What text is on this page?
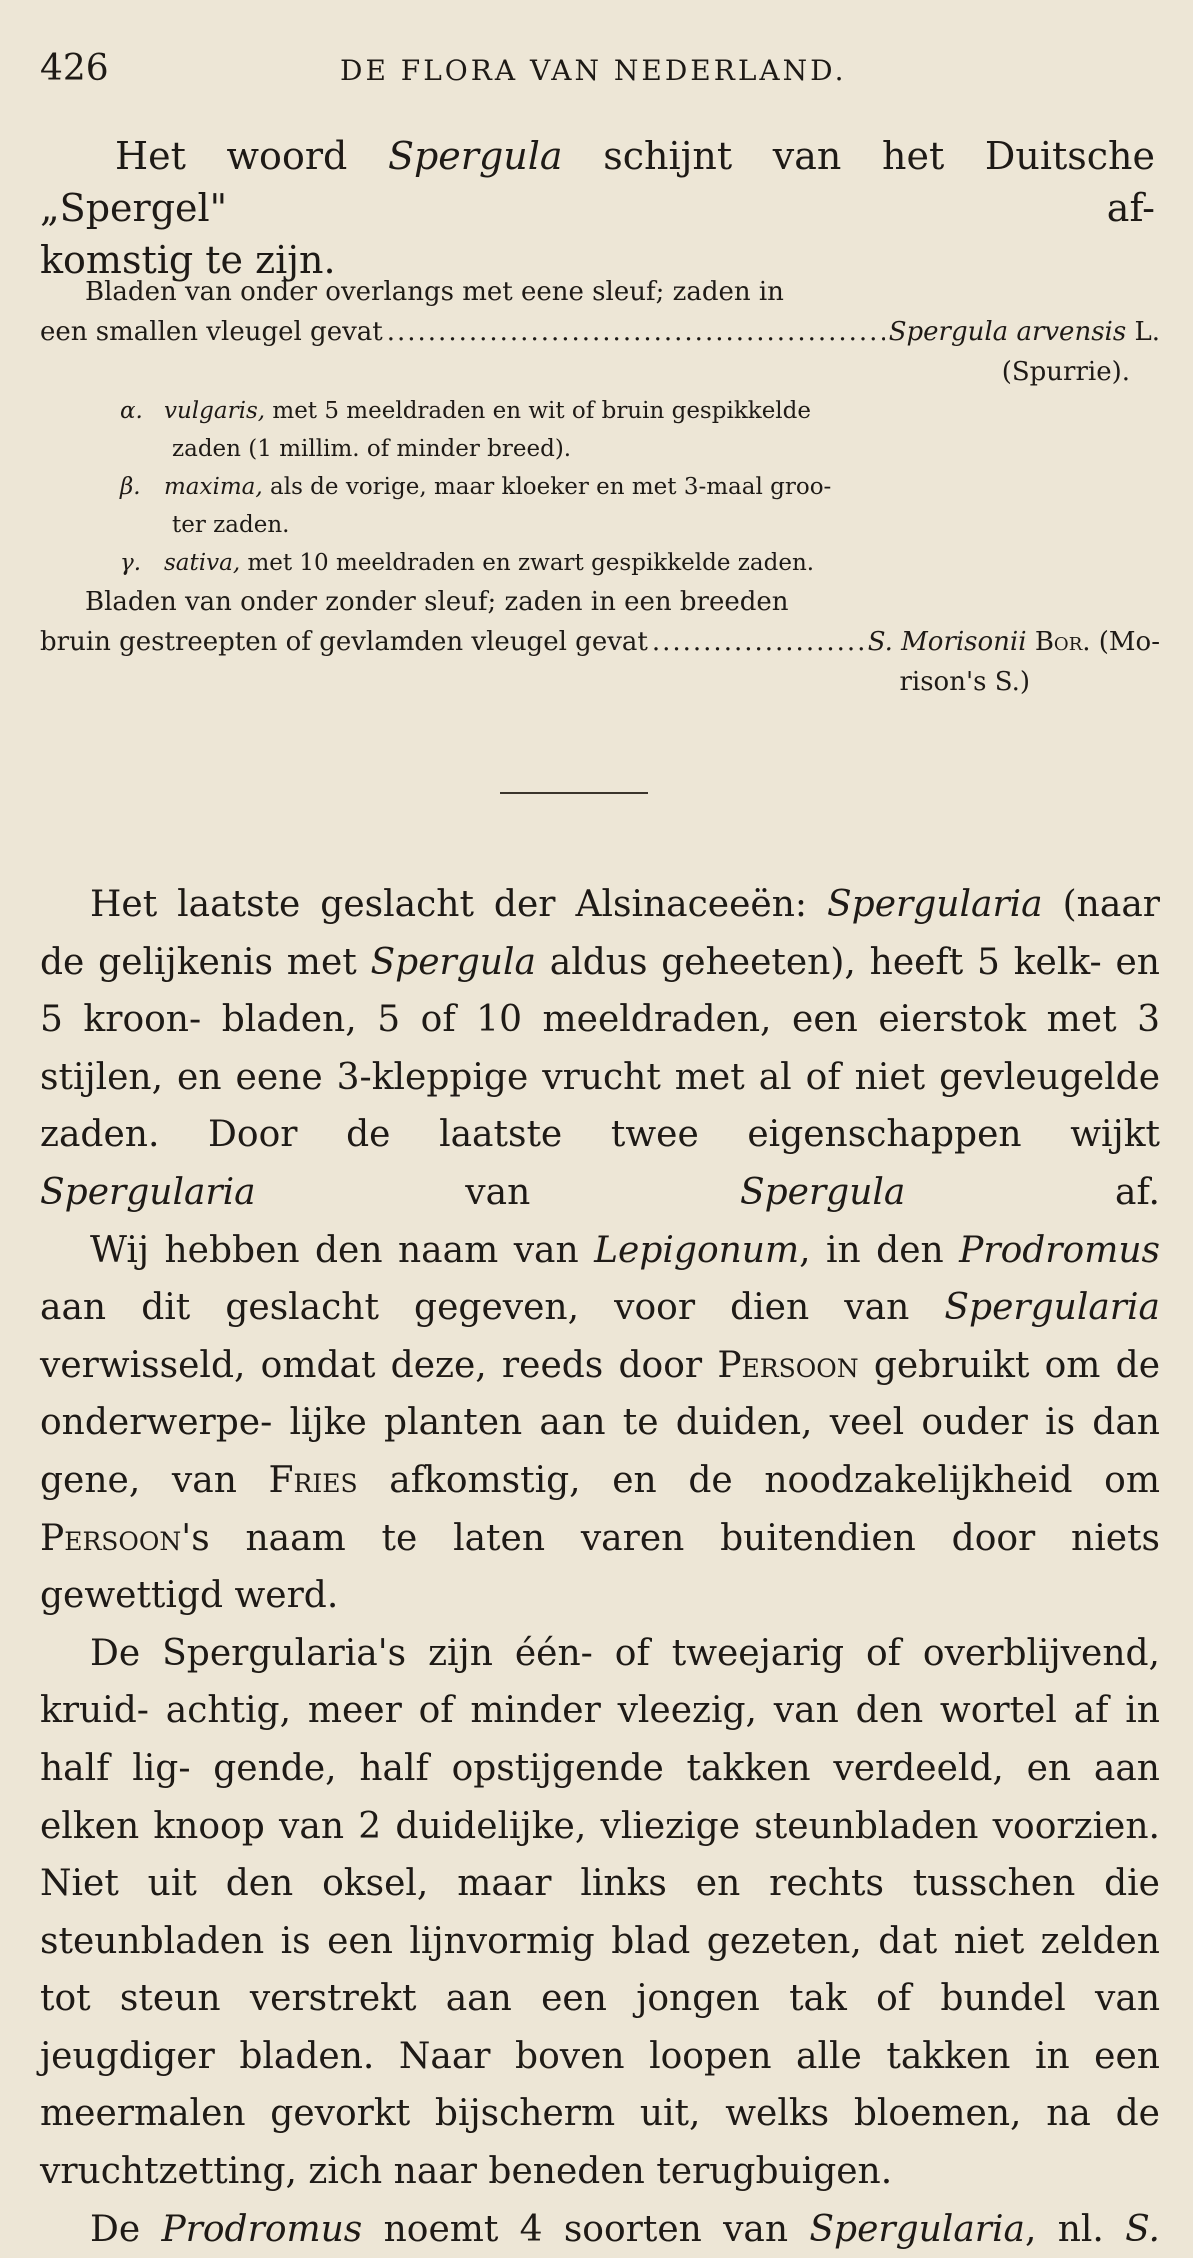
426	DE FLORA VAN NEDERLAND.
Het woord Spergula schijnt van het Duitsche „Spergel" af-
komstig te zijn.
Bladen van onder overlangs met eene sleuf; zaden in
een smallen vleugel gevat .....	Spergula arvensis L.
(Spurrie).
α. vulgaris, met 5 meeldraden en wit of bruin gespikkelde
zaden (1 millim. of minder breed).
β. maxima, als de vorige, maar kloeker en met 3-maal groo-
ter zaden.
γ. sativa, met 10 meeldraden en zwart gespikkelde zaden.
Bladen van onder zonder sleuf; zaden in een breeden
bruin gestreepten of gevlamden vleugel gevat .....	S. Morisonii Bor. (Mo-
rison's S.)

Het laatste geslacht der Alsinaceeën: Spergularia (naar de gelijkenis met Spergula aldus geheeten), heeft 5 kelk- en 5 kroon- bladen, 5 of 10 meeldraden, een eierstok met 3 stijlen, en eene 3-kleppige vrucht met al of niet gevleugelde zaden. Door de laatste twee eigenschappen wijkt Spergularia van Spergula af.

Wij hebben den naam van Lepigonum, in den Prodromus aan dit geslacht gegeven, voor dien van Spergularia verwisseld, omdat deze, reeds door Persoon gebruikt om de onderwerpe- lijke planten aan te duiden, veel ouder is dan gene, van Fries afkomstig, en de noodzakelijkheid om Persoon's naam te laten varen buitendien door niets gewettigd werd.

De Spergularia's zijn één- of tweejarig of overblijvend, kruid- achtig, meer of minder vleezig, van den wortel af in half lig- gende, half opstijgende takken verdeeld, en aan elken knoop van 2 duidelijke, vliezige steunbladen voorzien. Niet uit den oksel, maar links en rechts tusschen die steunbladen is een lijnvormig blad gezeten, dat niet zelden tot steun verstrekt aan een jongen tak of bundel van jeugdiger bladen. Naar boven loopen alle takken in een meermalen gevorkt bijscherm uit, welks bloemen, na de vruchtzetting, zich naar beneden terugbuigen.

De Prodromus noemt 4 soorten van Spergularia, nl. S.
